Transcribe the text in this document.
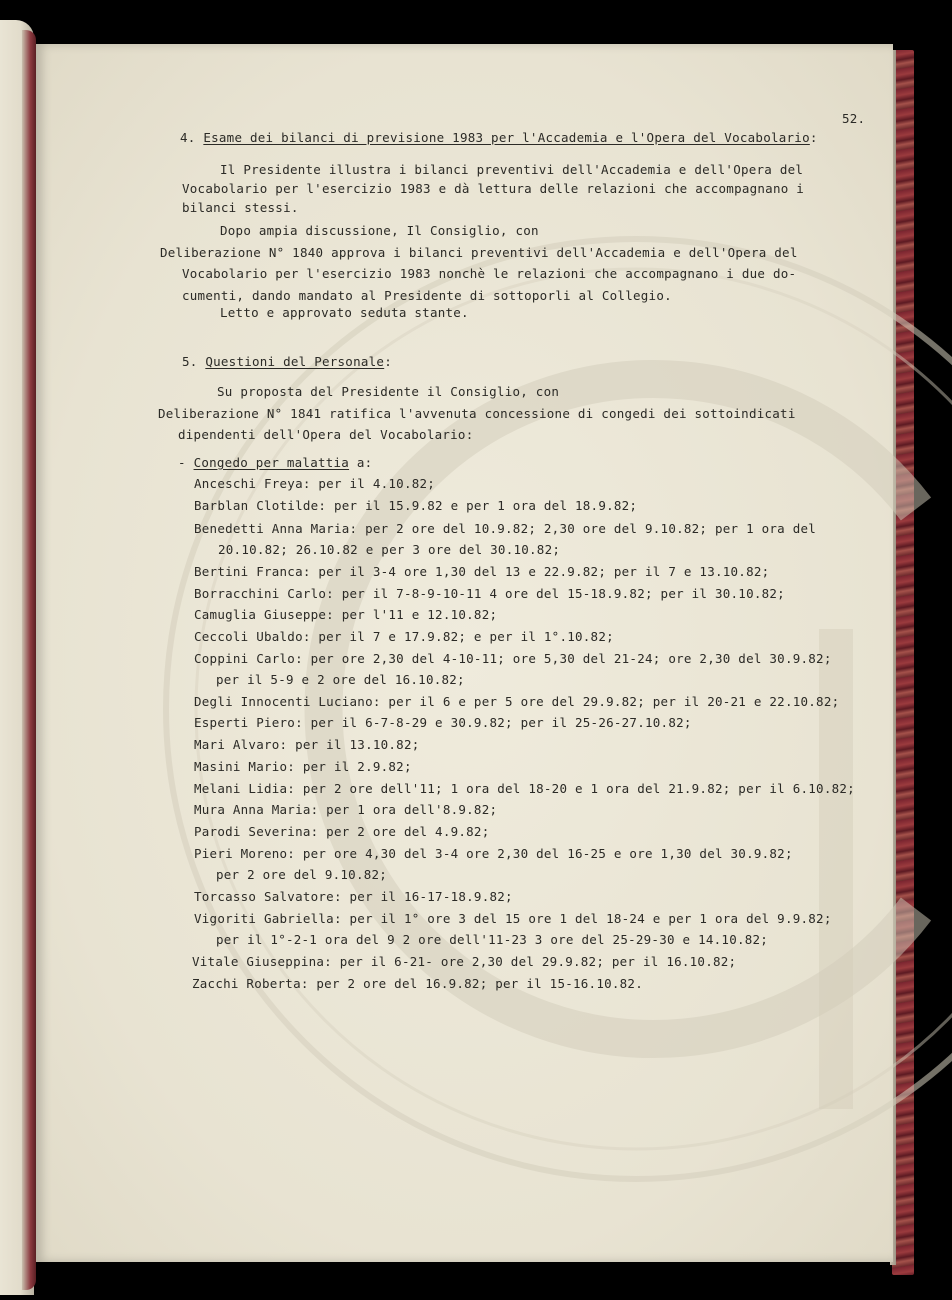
52.
4. Esame dei bilanci di previsione 1983 per l'Accademia e l'Opera del Vocabolario:
Il Presidente illustra i bilanci preventivi dell'Accademia e dell'Opera del
Vocabolario per l'esercizio 1983 e dà lettura delle relazioni che accompagnano i
bilanci stessi.
Dopo ampia discussione, Il Consiglio, con
Deliberazione N° 1840 approva i bilanci preventivi dell'Accademia e dell'Opera del
Vocabolario per l'esercizio 1983 nonchè le relazioni che accompagnano i due do-
cumenti, dando mandato al Presidente di sottoporli al Collegio.
Letto e approvato seduta stante.
5. Questioni del Personale:
Su proposta del Presidente il Consiglio, con
Deliberazione N° 1841 ratifica l'avvenuta concessione di congedi dei sottoindicati
dipendenti dell'Opera del Vocabolario:
- Congedo per malattia a:
Anceschi Freya: per il 4.10.82;
Barblan Clotilde: per il 15.9.82 e per 1 ora del 18.9.82;
Benedetti Anna Maria: per 2 ore del 10.9.82; 2,30 ore del 9.10.82; per 1 ora del
20.10.82; 26.10.82 e per 3 ore del 30.10.82;
Bertini Franca: per il 3-4 ore 1,30 del 13 e 22.9.82; per il 7 e 13.10.82;
Borracchini Carlo: per il 7-8-9-10-11 4 ore del 15-18.9.82; per il 30.10.82;
Camuglia Giuseppe: per l'11 e 12.10.82;
Ceccoli Ubaldo: per il 7 e 17.9.82; e per il 1°.10.82;
Coppini Carlo: per ore 2,30 del 4-10-11; ore 5,30 del 21-24; ore 2,30 del 30.9.82;
per il 5-9 e 2 ore del 16.10.82;
Degli Innocenti Luciano: per il 6 e per 5 ore del 29.9.82; per il 20-21 e 22.10.82;
Esperti Piero: per il 6-7-8-29 e 30.9.82; per il 25-26-27.10.82;
Mari Alvaro: per il 13.10.82;
Masini Mario: per il 2.9.82;
Melani Lidia: per 2 ore dell'11; 1 ora del 18-20 e 1 ora del 21.9.82; per il 6.10.82;
Mura Anna Maria: per 1 ora dell'8.9.82;
Parodi Severina: per 2 ore del 4.9.82;
Pieri Moreno: per ore 4,30 del 3-4 ore 2,30 del 16-25 e ore 1,30 del 30.9.82;
per 2 ore del 9.10.82;
Torcasso Salvatore: per il 16-17-18.9.82;
Vigoriti Gabriella: per il 1° ore 3 del 15 ore 1 del 18-24 e per 1 ora del 9.9.82;
per il 1°-2-1 ora del 9 2 ore dell'11-23 3 ore del 25-29-30 e 14.10.82;
Vitale Giuseppina: per il 6-21- ore 2,30 del 29.9.82; per il 16.10.82;
Zacchi Roberta: per 2 ore del 16.9.82; per il 15-16.10.82.
